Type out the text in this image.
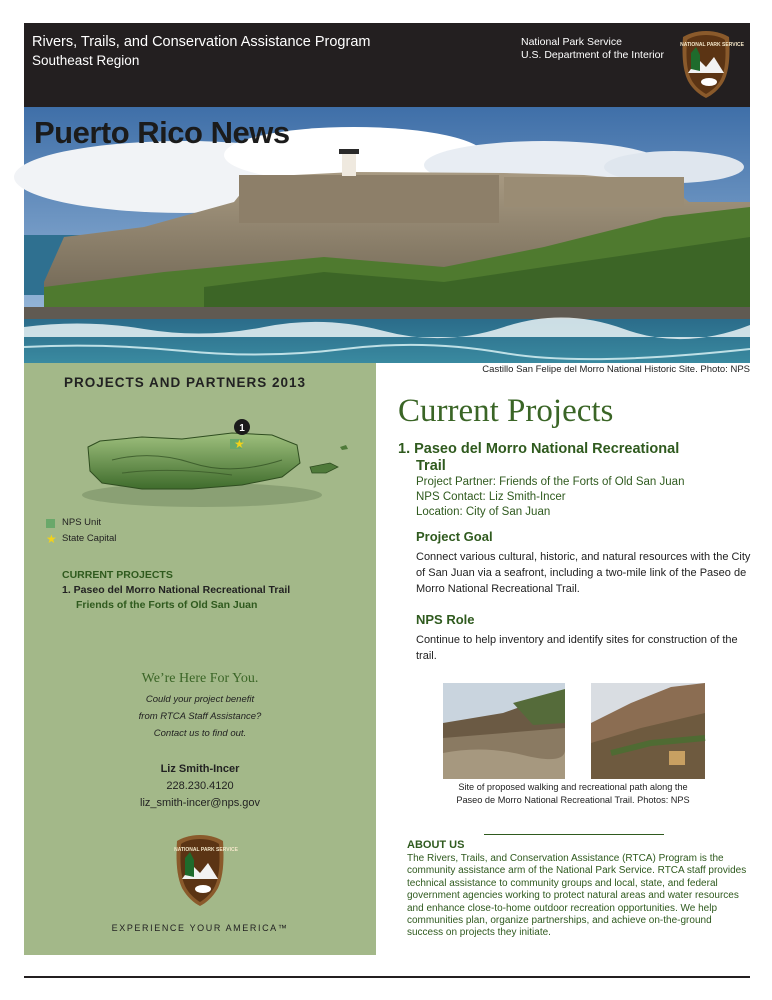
Rivers, Trails, and Conservation Assistance Program
Southeast Region
National Park Service
U.S. Department of the Interior
NATIONAL PARK SERVICE
Puerto Rico News
Castillo San Felipe del Morro National Historic Site. Photo: NPS
PROJECTS AND PARTNERS 2013
★
1
NPS Unit
★ State Capital
CURRENT PROJECTS
1. Paseo del Morro National Recreational Trail
Friends of the Forts of Old San Juan
We’re Here For You.
Could your project benefit
from RTCA Staff Assistance?
Contact us to find out.
Liz Smith-Incer
228.230.4120
liz_smith-incer@nps.gov
NATIONAL PARK SERVICE
EXPERIENCE YOUR AMERICA™
Current Projects
1. Paseo del Morro National Recreational
Trail
Project Partner: Friends of the Forts of Old San Juan
NPS Contact: Liz Smith-Incer
Location: City of San Juan
Project Goal
Connect various cultural, historic, and natural resources with the City of San Juan via a seafront, including a two-mile link of the Paseo de Morro National Recreational Trail.
NPS Role
Continue to help inventory and identify sites for construction of the trail.
Site of proposed walking and recreational path along the
Paseo de Morro National Recreational Trail. Photos: NPS
ABOUT US
The Rivers, Trails, and Conservation Assistance (RTCA) Program is the community assistance arm of the National Park Service. RTCA staff provides technical assistance to community groups and local, state, and federal government agencies working to protect natural areas and water resources and enhance close-to-home outdoor recreation opportunities. We help communities plan, organize partnerships, and achieve on-the-ground success on projects they initiate.
